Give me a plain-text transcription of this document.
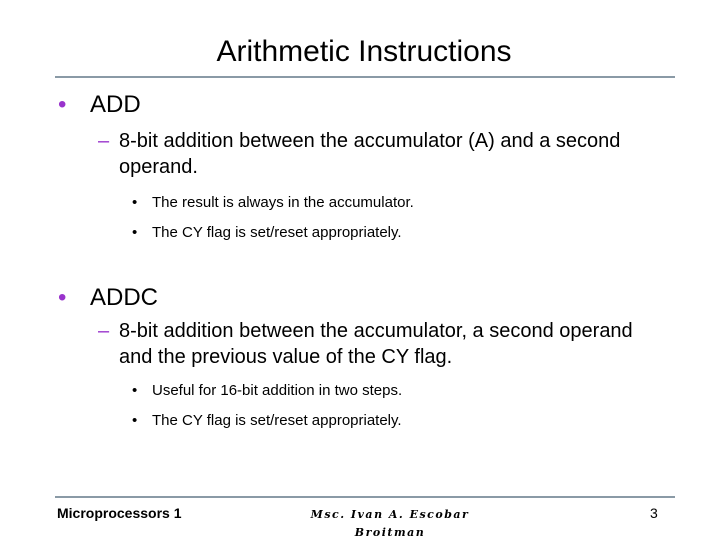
Arithmetic Instructions
• ADD
– 8-bit addition between the accumulator (A) and a second operand.
• The result is always in the accumulator.
• The CY flag is set/reset appropriately.
• ADDC
– 8-bit addition between the accumulator, a second operand and the previous value of the CY flag.
• Useful for 16-bit addition in two steps.
• The CY flag is set/reset appropriately.
Microprocessors 1	Msc. Ivan A. Escobar
Broitman
3
